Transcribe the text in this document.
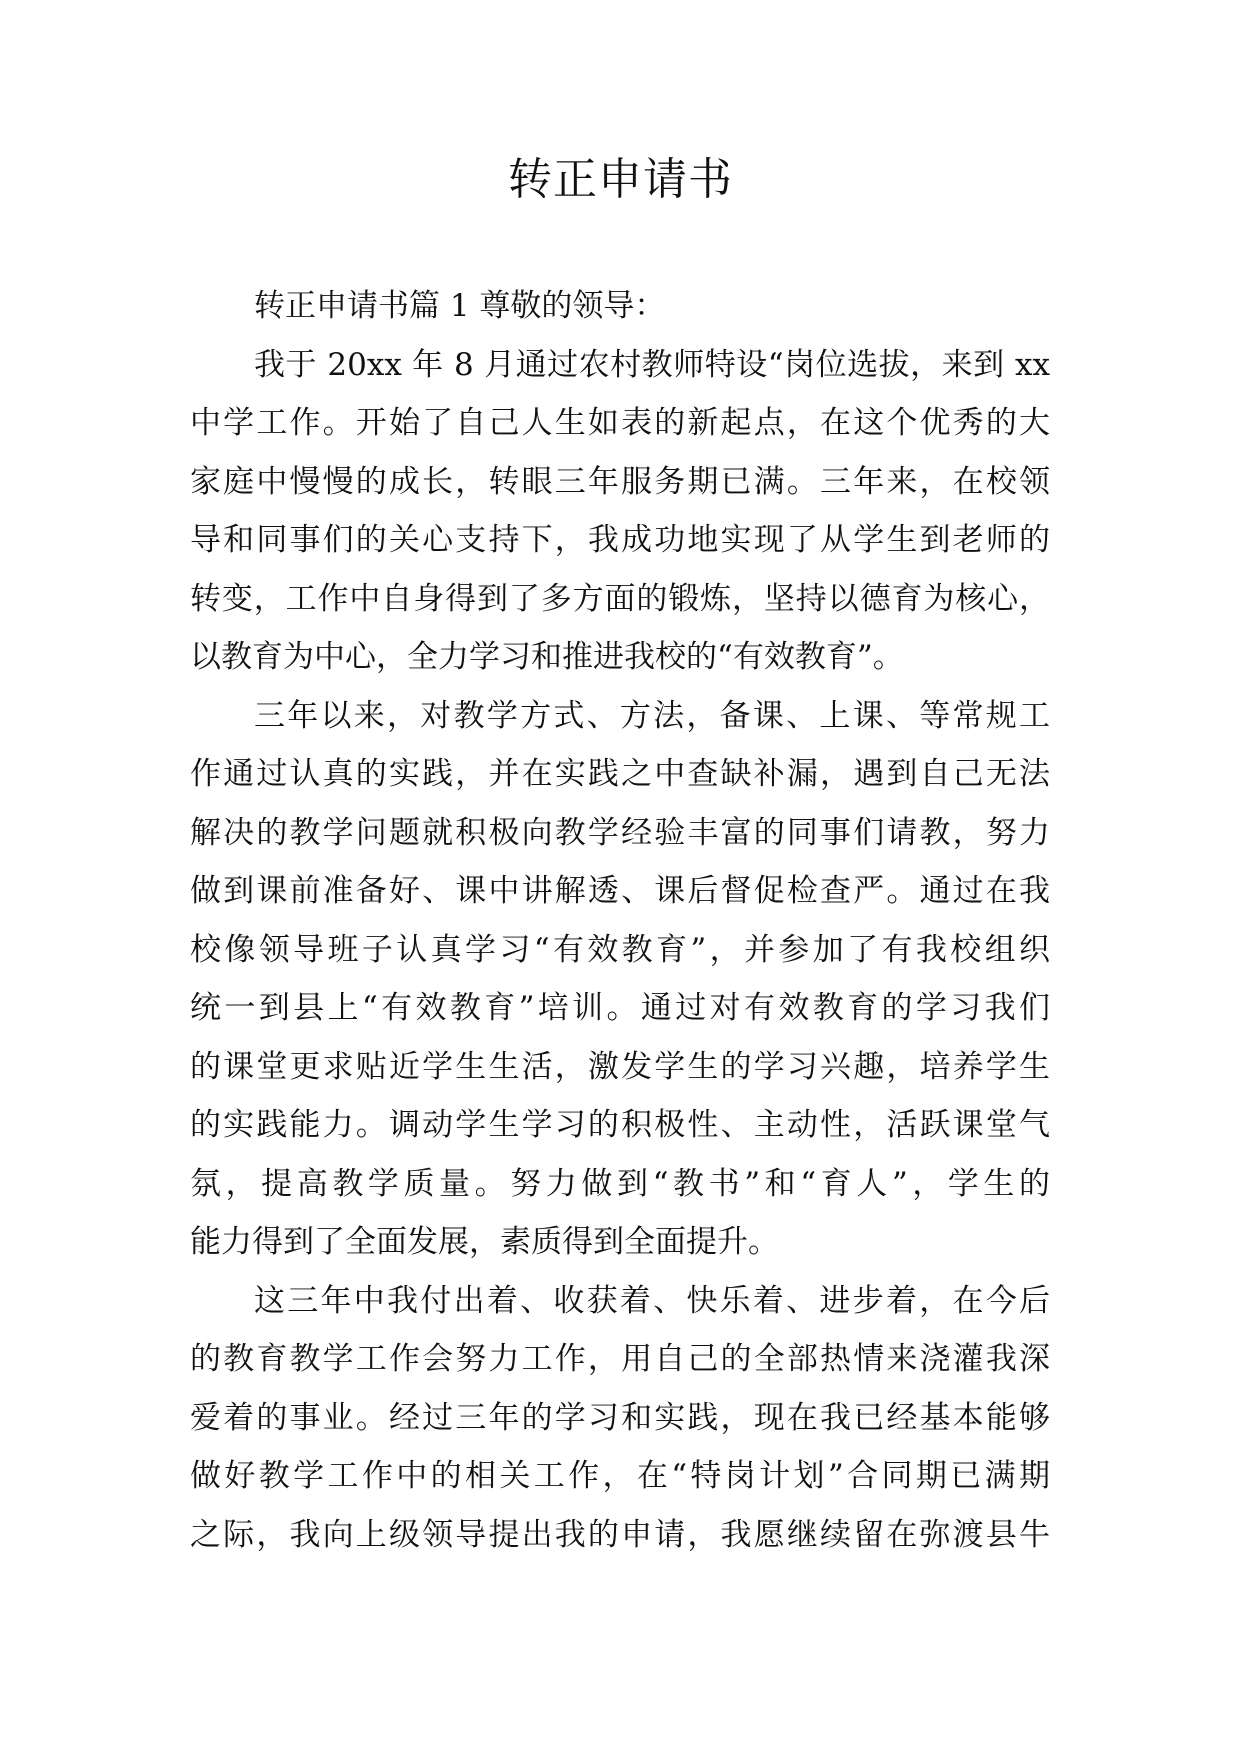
转正申请书
转正申请书篇 1 尊敬的领导：
我于 20xx 年 8 月通过农村教师特设“岗位选拔，来到 xx
中学工作。开始了自己人生如表的新起点，在这个优秀的大
家庭中慢慢的成长，转眼三年服务期已满。三年来，在校领
导和同事们的关心支持下，我成功地实现了从学生到老师的
转变，工作中自身得到了多方面的锻炼，坚持以德育为核心，
以教育为中心，全力学习和推进我校的“有效教育”。
三年以来，对教学方式、方法，备课、上课、等常规工
作通过认真的实践，并在实践之中查缺补漏，遇到自己无法
解决的教学问题就积极向教学经验丰富的同事们请教，努力
做到课前准备好、课中讲解透、课后督促检查严。通过在我
校像领导班子认真学习“有效教育”，并参加了有我校组织
统一到县上“有效教育”培训。通过对有效教育的学习我们
的课堂更求贴近学生生活，激发学生的学习兴趣，培养学生
的实践能力。调动学生学习的积极性、主动性，活跃课堂气
氛，提高教学质量。努力做到“教书”和“育人”，学生的
能力得到了全面发展，素质得到全面提升。
这三年中我付出着、收获着、快乐着、进步着，在今后
的教育教学工作会努力工作，用自己的全部热情来浇灌我深
爱着的事业。经过三年的学习和实践，现在我已经基本能够
做好教学工作中的相关工作，在“特岗计划”合同期已满期
之际，我向上级领导提出我的申请，我愿继续留在弥渡县牛
